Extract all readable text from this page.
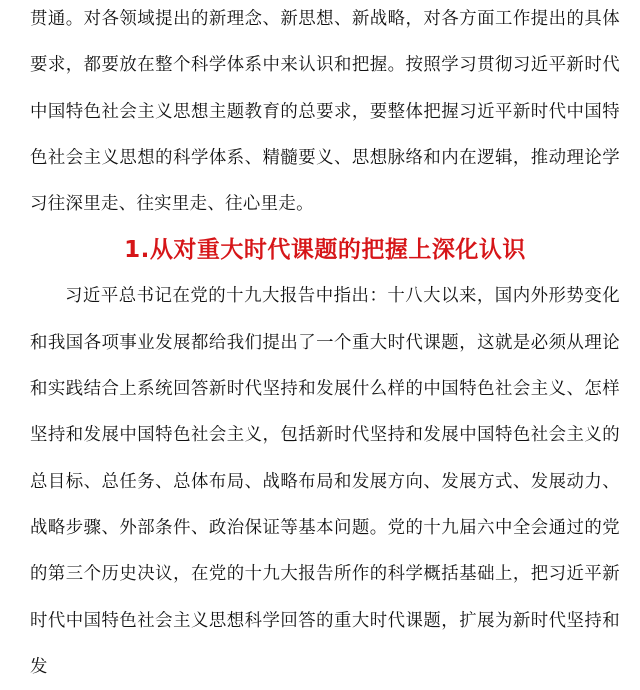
贯通。对各领域提出的新理念、新思想、新战略，对各方面工作提出的具体要求，都要放在整个科学体系中来认识和把握。按照学习贯彻习近平新时代中国特色社会主义思想主题教育的总要求，要整体把握习近平新时代中国特色社会主义思想的科学体系、精髓要义、思想脉络和内在逻辑，推动理论学习往深里走、往实里走、往心里走。

1.从对重大时代课题的把握上深化认识

习近平总书记在党的十九大报告中指出：十八大以来，国内外形势变化和我国各项事业发展都给我们提出了一个重大时代课题，这就是必须从理论和实践结合上系统回答新时代坚持和发展什么样的中国特色社会主义、怎样坚持和发展中国特色社会主义，包括新时代坚持和发展中国特色社会主义的总目标、总任务、总体布局、战略布局和发展方向、发展方式、发展动力、战略步骤、外部条件、政治保证等基本问题。党的十九届六中全会通过的党的第三个历史决议，在党的十九大报告所作的科学概括基础上，把习近平新时代中国特色社会主义思想科学回答的重大时代课题，扩展为新时代坚持和发
